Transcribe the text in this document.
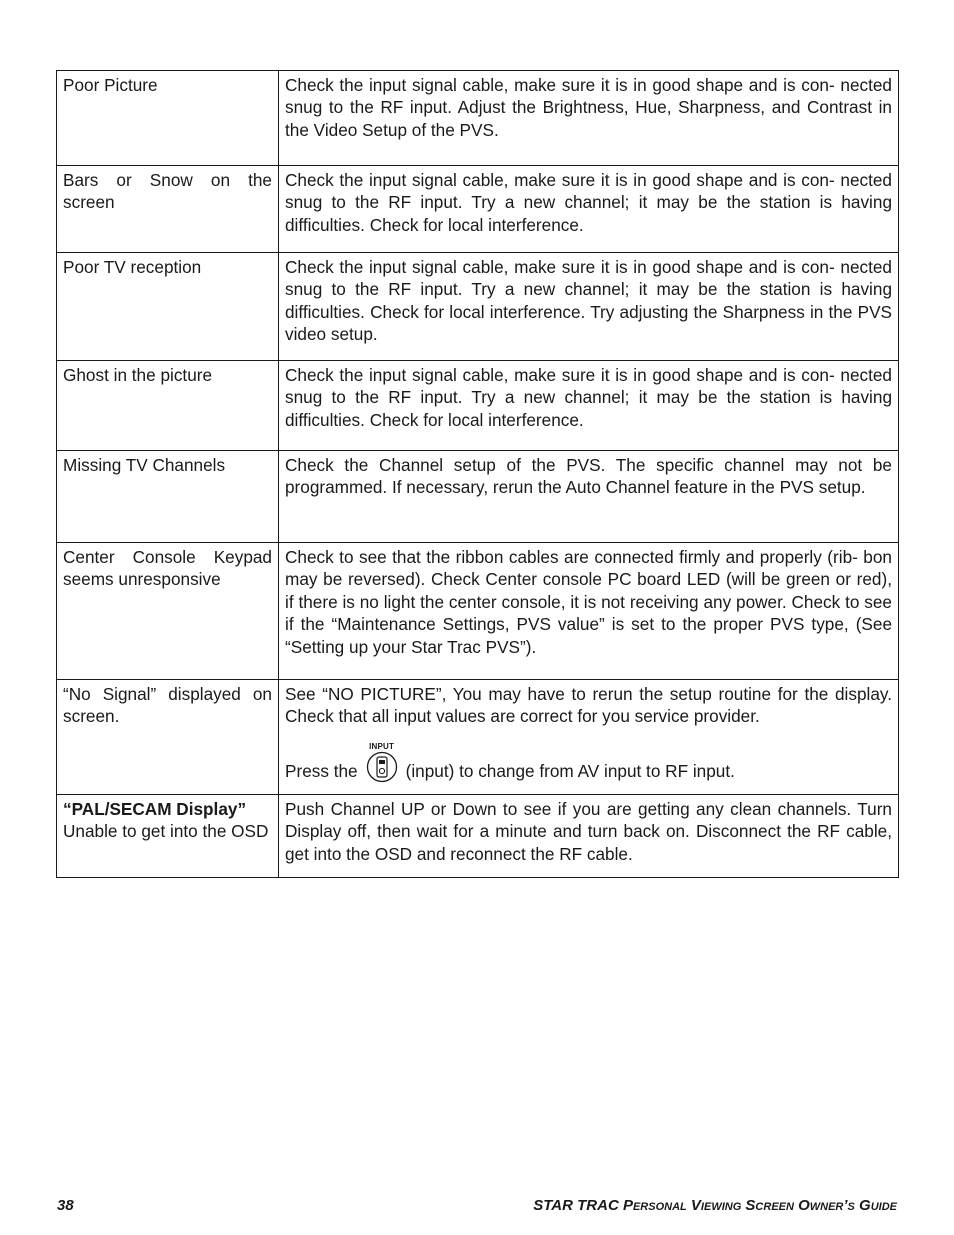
Poor Picture	Check the input signal cable, make sure it is in good shape and is con- nected snug to the RF input. Adjust the Brightness, Hue, Sharpness, and Contrast in the Video Setup of the PVS.
Bars or Snow on the screen	Check the input signal cable, make sure it is in good shape and is con- nected snug to the RF input. Try a new channel; it may be the station is having difficulties. Check for local interference.
Poor TV reception	Check the input signal cable, make sure it is in good shape and is con- nected snug to the RF input. Try a new channel; it may be the station is having difficulties. Check for local interference. Try adjusting the Sharpness in the PVS video setup.
Ghost in the picture	Check the input signal cable, make sure it is in good shape and is con- nected snug to the RF input. Try a new channel; it may be the station is having difficulties. Check for local interference.
Missing TV Channels	Check the Channel setup of the PVS. The specific channel may not be programmed. If necessary, rerun the Auto Channel feature in the PVS setup.
Center Console Keypad seems unresponsive	Check to see that the ribbon cables are connected firmly and properly (rib- bon may be reversed). Check Center console PC board LED (will be green or red), if there is no light the center console, it is not receiving any power. Check to see if the “Maintenance Settings, PVS value” is set to the proper PVS type, (See “Setting up your Star Trac PVS”).
“No Signal” displayed on screen.	See “NO PICTURE”, You may have to rerun the setup routine for the display. Check that all input values are correct for you service provider.
Press the
INPUT
(input) to change from AV input to RF input.

“PAL/SECAM Display”
Unable to get into the OSD	Push Channel UP or Down to see if you are getting any clean channels. Turn Display off, then wait for a minute and turn back on. Disconnect the RF cable, get into the OSD and reconnect the RF cable.
38	STAR TRAC Personal Viewing Screen Owner’s Guide
